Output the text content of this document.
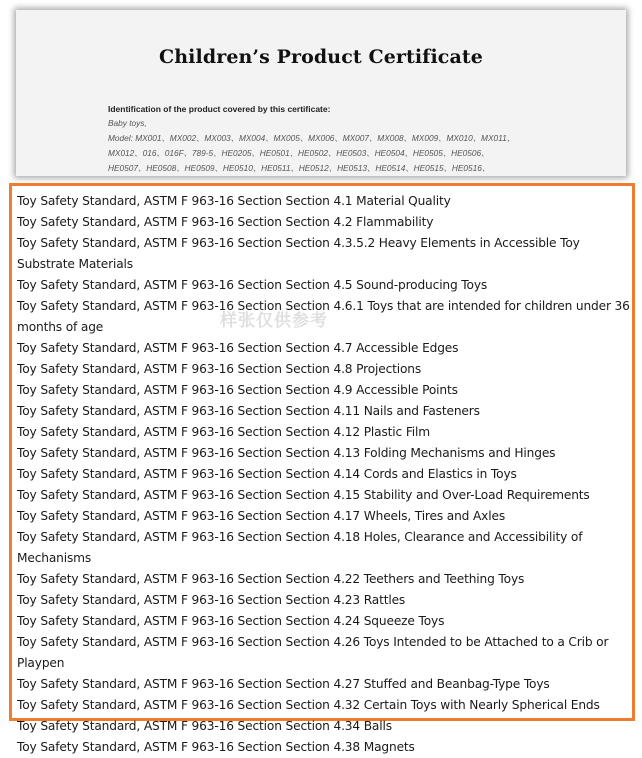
Children’s Product Certificate
Identification of the product covered by this certificate:
Baby toys,
Model: MX001、MX002、MX003、MX004、MX005、MX006、MX007、MX008、MX009、MX010、MX011、
MX012、016、016F、789-5、HE0205、HE0501、HE0502、HE0503、HE0504、HE0505、HE0506、
HE0507、HE0508、HE0509、HE0510、HE0511、HE0512、HE0513、HE0514、HE0515、HE0516、
Toy Safety Standard, ASTM F 963-16 Section Section 4.1 Material Quality
Toy Safety Standard, ASTM F 963-16 Section Section 4.2 Flammability
Toy Safety Standard, ASTM F 963-16 Section Section 4.3.5.2 Heavy Elements in Accessible Toy Substrate Materials
Toy Safety Standard, ASTM F 963-16 Section Section 4.5 Sound-producing Toys
Toy Safety Standard, ASTM F 963-16 Section Section 4.6.1 Toys that are intended for children under 36 months of age
Toy Safety Standard, ASTM F 963-16 Section Section 4.7 Accessible Edges
Toy Safety Standard, ASTM F 963-16 Section Section 4.8 Projections
Toy Safety Standard, ASTM F 963-16 Section Section 4.9 Accessible Points
Toy Safety Standard, ASTM F 963-16 Section Section 4.11 Nails and Fasteners
Toy Safety Standard, ASTM F 963-16 Section Section 4.12 Plastic Film
Toy Safety Standard, ASTM F 963-16 Section Section 4.13 Folding Mechanisms and Hinges
Toy Safety Standard, ASTM F 963-16 Section Section 4.14 Cords and Elastics in Toys
Toy Safety Standard, ASTM F 963-16 Section Section 4.15 Stability and Over-Load Requirements
Toy Safety Standard, ASTM F 963-16 Section Section 4.17 Wheels, Tires and Axles
Toy Safety Standard, ASTM F 963-16 Section Section 4.18 Holes, Clearance and Accessibility of Mechanisms
Toy Safety Standard, ASTM F 963-16 Section Section 4.22 Teethers and Teething Toys
Toy Safety Standard, ASTM F 963-16 Section Section 4.23 Rattles
Toy Safety Standard, ASTM F 963-16 Section Section 4.24 Squeeze Toys
Toy Safety Standard, ASTM F 963-16 Section Section 4.26 Toys Intended to be Attached to a Crib or Playpen
Toy Safety Standard, ASTM F 963-16 Section Section 4.27 Stuffed and Beanbag-Type Toys
Toy Safety Standard, ASTM F 963-16 Section Section 4.32 Certain Toys with Nearly Spherical Ends
Toy Safety Standard, ASTM F 963-16 Section Section 4.34 Balls
Toy Safety Standard, ASTM F 963-16 Section Section 4.38 Magnets
样张仅供参考
